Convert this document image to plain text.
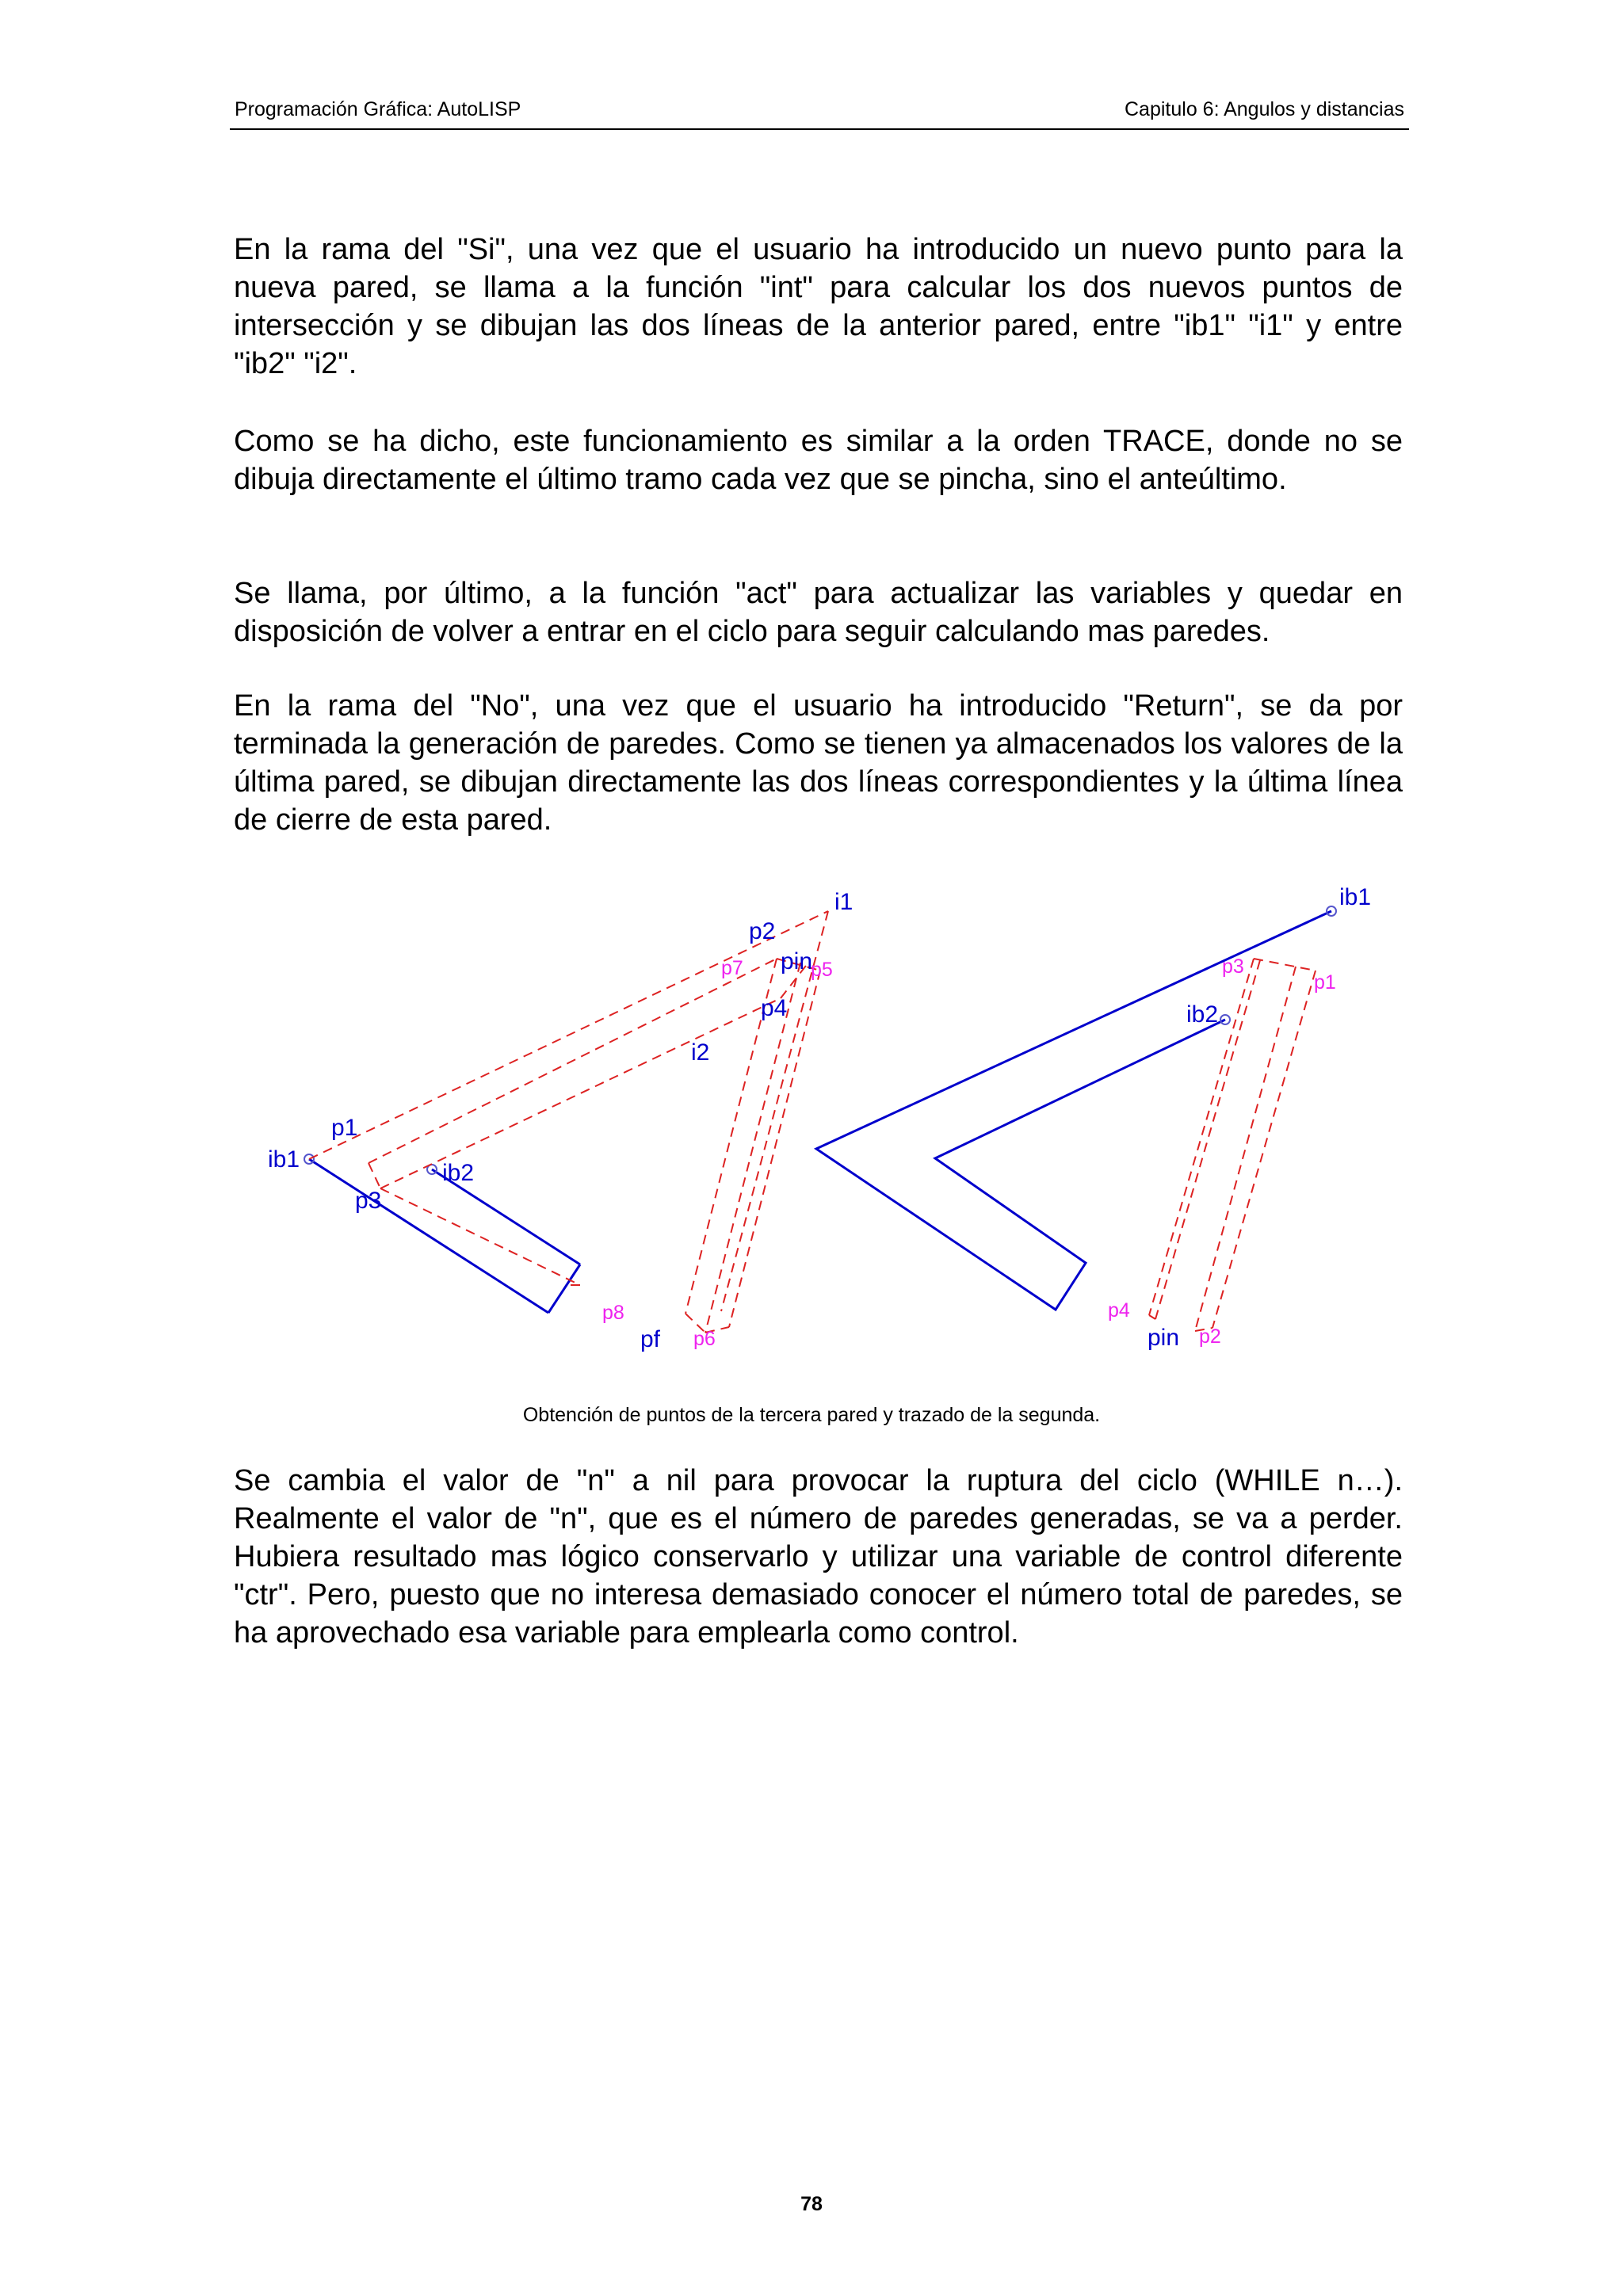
Programación Gráfica: AutoLISP	Capitulo 6: Angulos y distancias

En la rama del "Si", una vez que el usuario ha introducido un nuevo punto para la nueva pared, se llama a la función "int" para calcular los dos nuevos puntos de intersección y se dibujan las dos líneas de la anterior pared, entre "ib1" "i1" y entre "ib2" "i2".

Como se ha dicho, este funcionamiento es similar a la orden TRACE, donde no se dibuja directamente el último tramo cada vez que se pincha, sino el anteúltimo.

Se llama, por último, a la función "act" para actualizar las variables y quedar en disposición de volver a entrar en el ciclo para seguir calculando mas paredes.

En la rama del "No", una vez que el usuario ha introducido "Return", se da por terminada la generación de paredes. Como se tienen ya almacenados los valores de la última pared, se dibujan directamente las dos líneas correspondientes y la última línea de cierre de esta pared.

i1
p2
pin
p7	p5
p4
i2
p1
ib1
ib2
p3
p8
pf p6
ib1
p3
p1
ib2
p4
pin p2
Obtención de puntos de la tercera pared y trazado de la segunda.

Se cambia el valor de "n" a nil para provocar la ruptura del ciclo (WHILE n…). Realmente el valor de "n", que es el número de paredes generadas, se va a perder. Hubiera resultado mas lógico conservarlo y utilizar una variable de control diferente "ctr". Pero, puesto que no interesa demasiado conocer el número total de paredes, se ha aprovechado esa variable para emplearla como control.

78
